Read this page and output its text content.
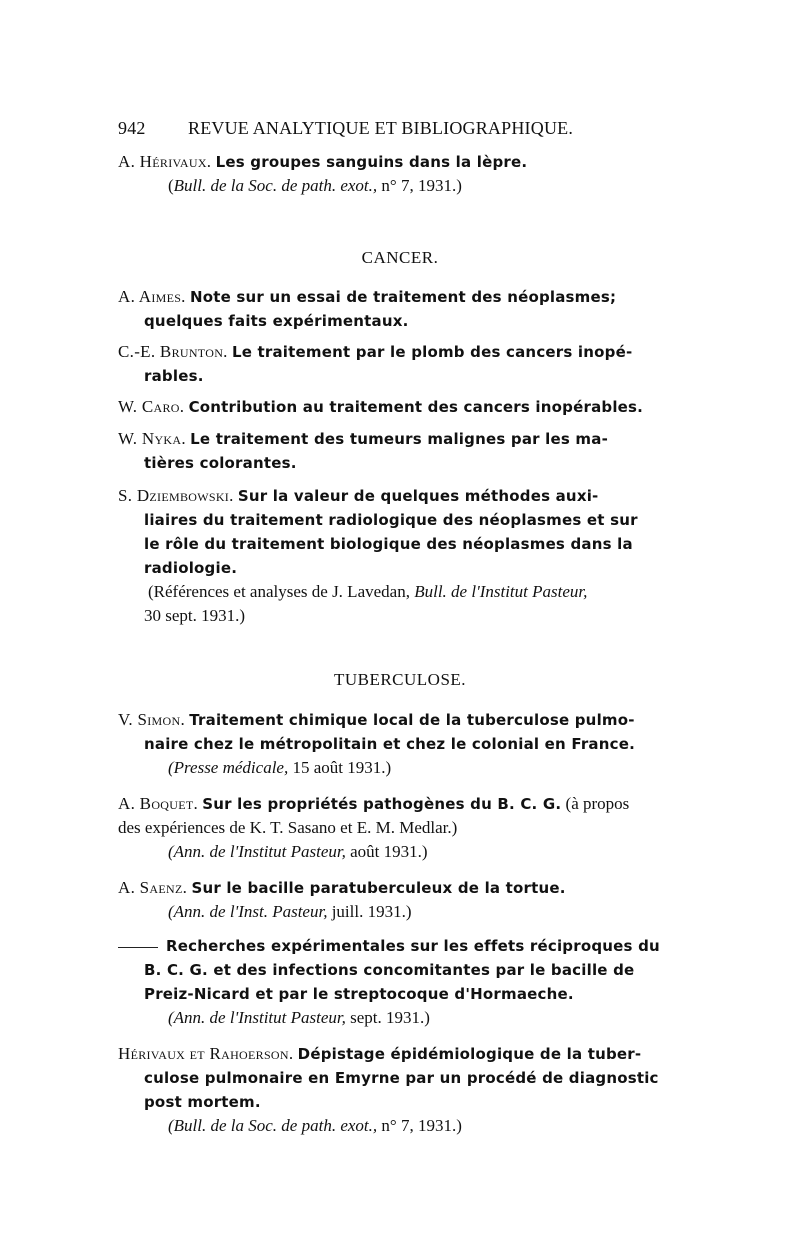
942 REVUE ANALYTIQUE ET BIBLIOGRAPHIQUE.
A. Hérivaux. Les groupes sanguins dans la lèpre.
(Bull. de la Soc. de path. exot., n° 7, 1931.)
CANCER.
A. Aimes. Note sur un essai de traitement des néoplasmes;
quelques faits expérimentaux.
C.-E. Brunton. Le traitement par le plomb des cancers inopé-
rables.
W. Caro. Contribution au traitement des cancers inopérables.
W. Nyka. Le traitement des tumeurs malignes par les ma-
tières colorantes.
S. Dziembowski. Sur la valeur de quelques méthodes auxi-
liaires du traitement radiologique des néoplasmes et sur
le rôle du traitement biologique des néoplasmes dans la
radiologie.
(Références et analyses de J. Lavedan, Bull. de l'Institut Pasteur,
30 sept. 1931.)
TUBERCULOSE.
V. Simon. Traitement chimique local de la tuberculose pulmo-
naire chez le métropolitain et chez le colonial en France.
(Presse médicale, 15 août 1931.)
A. Boquet. Sur les propriétés pathogènes du B. C. G. (à propos
des expériences de K. T. Sasano et E. M. Medlar.)
(Ann. de l'Institut Pasteur, août 1931.)
A. Saenz. Sur le bacille paratuberculeux de la tortue.
(Ann. de l'Inst. Pasteur, juill. 1931.)
Recherches expérimentales sur les effets réciproques du
B. C. G. et des infections concomitantes par le bacille de
Preiz-Nicard et par le streptocoque d'Hormaeche.
(Ann. de l'Institut Pasteur, sept. 1931.)
Hérivaux et Rahoerson. Dépistage épidémiologique de la tuber-
culose pulmonaire en Emyrne par un procédé de diagnostic
post mortem.
(Bull. de la Soc. de path. exot., n° 7, 1931.)
